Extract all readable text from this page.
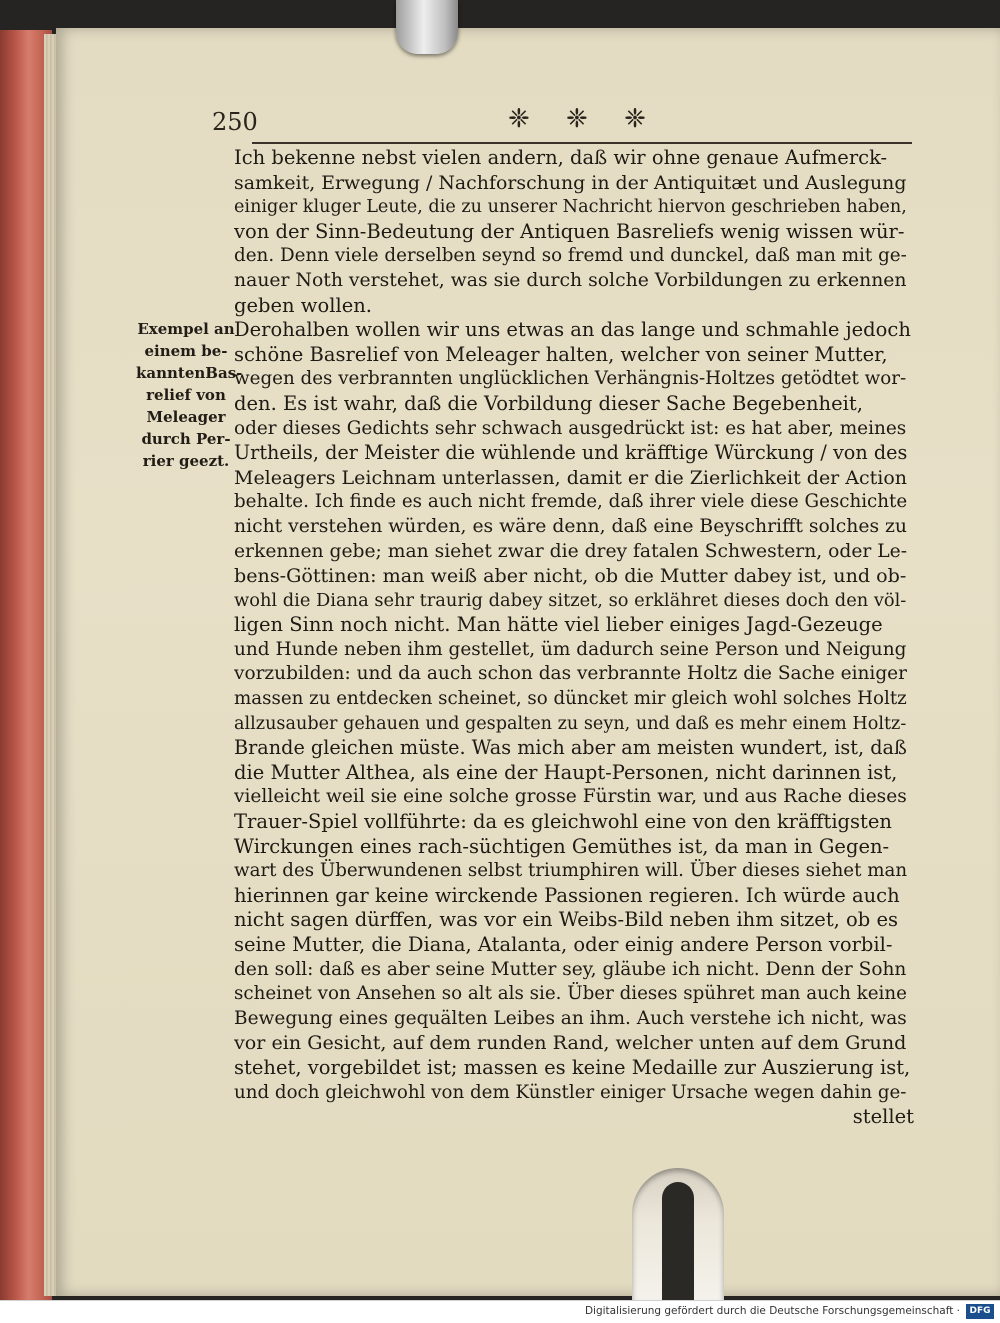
250	❈ ❈ ❈
Exempel an
einem be-
kanntenBas-
relief von
Meleager
durch Per-
rier geezt.
Ich bekenne nebst vielen andern, daß wir ohne genaue Aufmerck-
samkeit, Erwegung / Nachforschung in der Antiquitæt und Auslegung
einiger kluger Leute, die zu unserer Nachricht hiervon geschrieben haben,
von der Sinn-Bedeutung der Antiquen Basreliefs wenig wissen wür-
den. Denn viele derselben seynd so fremd und dunckel, daß man mit ge-
nauer Noth verstehet, was sie durch solche Vorbildungen zu erkennen
geben wollen.
Derohalben wollen wir uns etwas an das lange und schmahle jedoch
schöne Basrelief von Meleager halten, welcher von seiner Mutter,
wegen des verbrannten unglücklichen Verhängnis-Holtzes getödtet wor-
den. Es ist wahr, daß die Vorbildung dieser Sache Begebenheit,
oder dieses Gedichts sehr schwach ausgedrückt ist: es hat aber, meines
Urtheils, der Meister die wühlende und kräfftige Würckung / von des
Meleagers Leichnam unterlassen, damit er die Zierlichkeit der Action
behalte. Ich finde es auch nicht fremde, daß ihrer viele diese Geschichte
nicht verstehen würden, es wäre denn, daß eine Beyschrifft solches zu
erkennen gebe; man siehet zwar die drey fatalen Schwestern, oder Le-
bens-Göttinen: man weiß aber nicht, ob die Mutter dabey ist, und ob-
wohl die Diana sehr traurig dabey sitzet, so erklähret dieses doch den völ-
ligen Sinn noch nicht. Man hätte viel lieber einiges Jagd-Gezeuge
und Hunde neben ihm gestellet, üm dadurch seine Person und Neigung
vorzubilden: und da auch schon das verbrannte Holtz die Sache einiger
massen zu entdecken scheinet, so düncket mir gleich wohl solches Holtz
allzusauber gehauen und gespalten zu seyn, und daß es mehr einem Holtz-
Brande gleichen müste. Was mich aber am meisten wundert, ist, daß
die Mutter Althea, als eine der Haupt-Personen, nicht darinnen ist,
vielleicht weil sie eine solche grosse Fürstin war, und aus Rache dieses
Trauer-Spiel vollführte: da es gleichwohl eine von den kräfftigsten
Wirckungen eines rach-süchtigen Gemüthes ist, da man in Gegen-
wart des Überwundenen selbst triumphiren will. Über dieses siehet man
hierinnen gar keine wirckende Passionen regieren. Ich würde auch
nicht sagen dürffen, was vor ein Weibs-Bild neben ihm sitzet, ob es
seine Mutter, die Diana, Atalanta, oder einig andere Person vorbil-
den soll: daß es aber seine Mutter sey, gläube ich nicht. Denn der Sohn
scheinet von Ansehen so alt als sie. Über dieses spühret man auch keine
Bewegung eines gequälten Leibes an ihm. Auch verstehe ich nicht, was
vor ein Gesicht, auf dem runden Rand, welcher unten auf dem Grund
stehet, vorgebildet ist; massen es keine Medaille zur Auszierung ist,
und doch gleichwohl von dem Künstler einiger Ursache wegen dahin ge-
stellet
Digitalisierung gefördert durch die Deutsche Forschungsgemeinschaft ·	DFG
